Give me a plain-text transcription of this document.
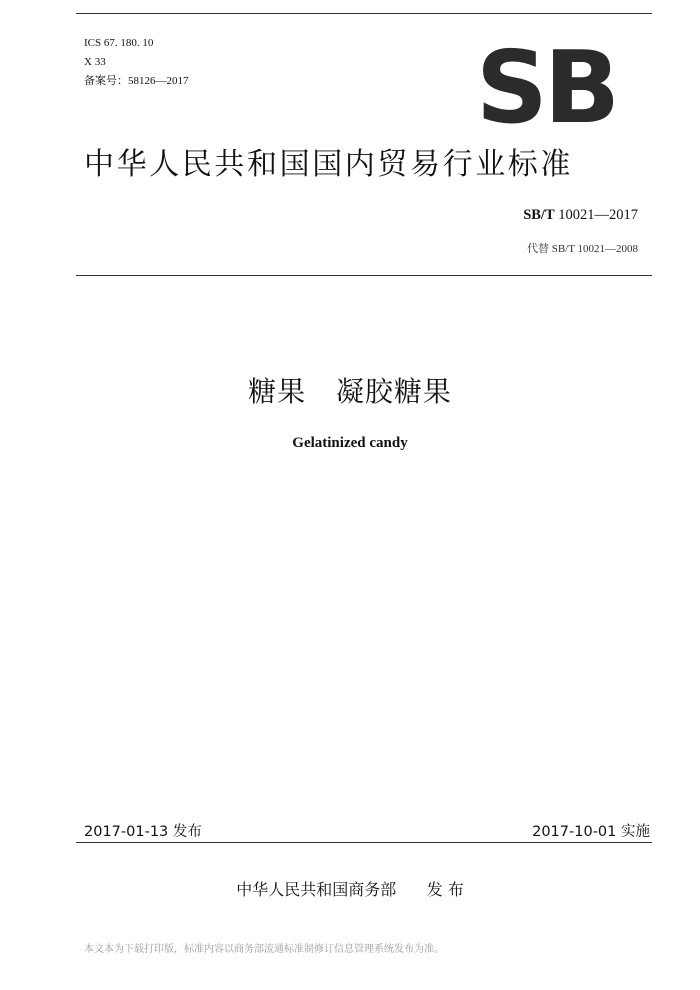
ICS 67. 180. 10
X 33
备案号：58126—2017	SB
中华人民共和国国内贸易行业标准
SB/T 10021—2017
代替 SB/T 10021—2008
糖果   凝胶糖果
Gelatinized candy
2017-01-13 发布	2017-10-01 实施
中华人民共和国商务部      发 布
本文本为下载打印版，标准内容以商务部流通标准制修订信息管理系统发布为准。
